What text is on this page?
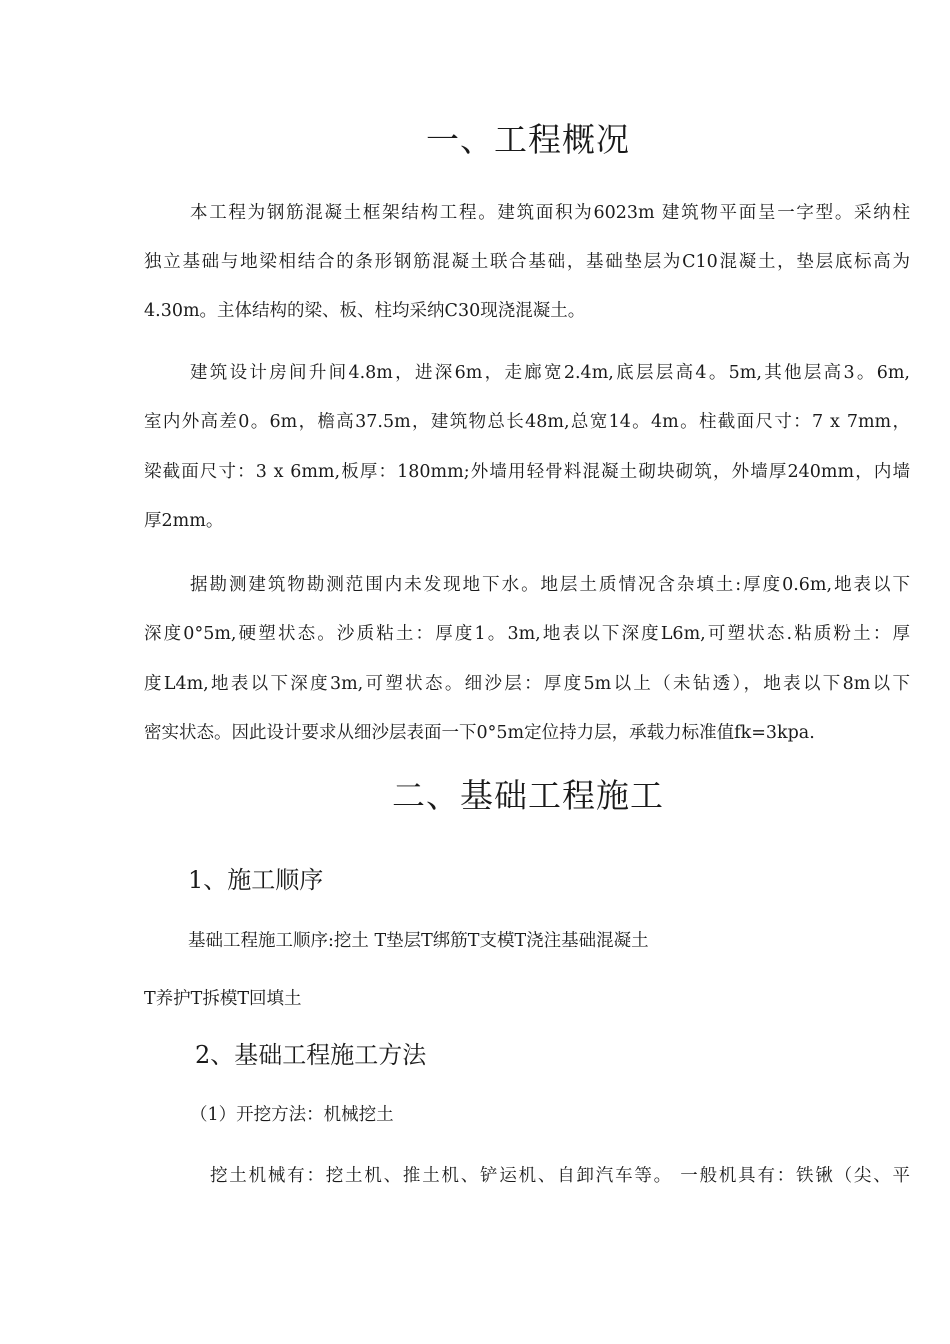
一、工程概况
本工程为钢筋混凝土框架结构工程。建筑面积为6023m 建筑物平面呈一字型。采纳柱
独立基础与地梁相结合的条形钢筋混凝土联合基础，基础垫层为C10混凝土，垫层底标高为
4.30m。主体结构的梁、板、柱均采纳C30现浇混凝土。
建筑设计房间升间4.8m，进深6m，走廊宽2.4m,底层层高4。5m,其他层高3。6m,
室内外高差0。6m，檐高37.5m，建筑物总长48m,总宽14。4m。柱截面尺寸：7 x 7mm，
梁截面尺寸：3 x 6mm,板厚：180mm;外墙用轻骨料混凝土砌块砌筑，外墙厚240mm，内墙
厚2mm。
据勘测建筑物勘测范围内未发现地下水。地层土质情况含杂填土:厚度0.6m,地表以下
深度0°5m,硬塑状态。沙质粘土：厚度1。3m,地表以下深度L6m,可塑状态.粘质粉土：厚
度L4m,地表以下深度3m,可塑状态。细沙层：厚度5m以上（未钻透），地表以下8m以下
密实状态。因此设计要求从细沙层表面一下0°5m定位持力层，承载力标准值fk=3kpa.
二、基础工程施工
1、施工顺序
基础工程施工顺序:挖土 T垫层T绑筋T支模T浇注基础混凝土
T养护T拆模T回填土
2、基础工程施工方法
（1）开挖方法：机械挖土
挖土机械有：挖土机、推土机、铲运机、自卸汽车等。 一般机具有：铁锹（尖、平
